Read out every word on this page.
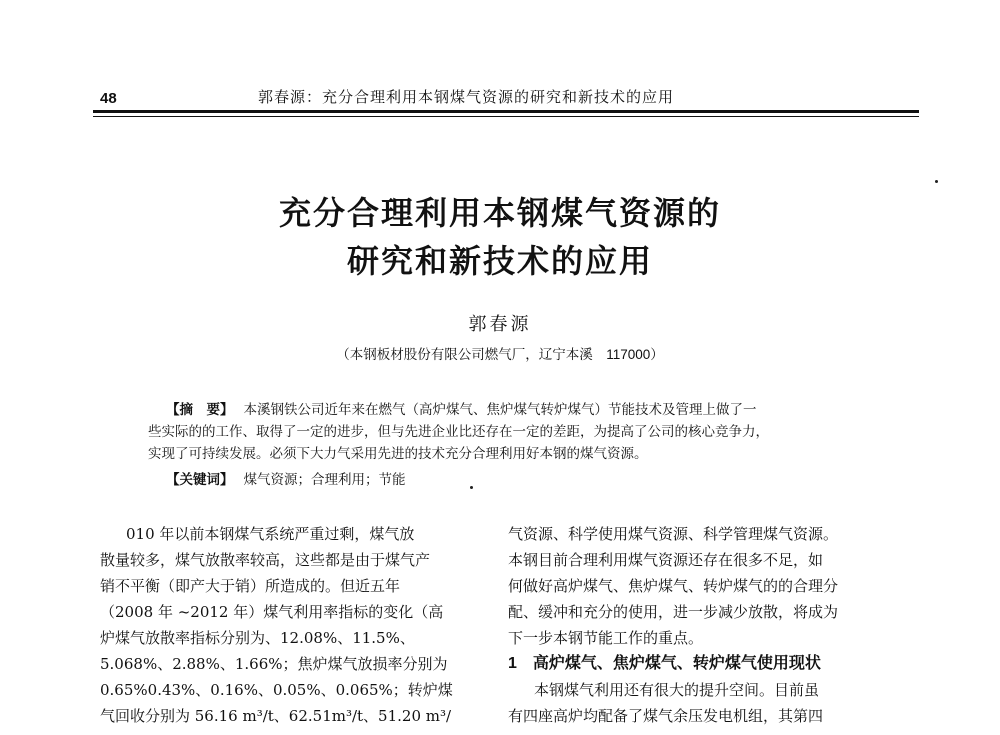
48	郭春源：充分合理利用本钢煤气资源的研究和新技术的应用
充分合理利用本钢煤气资源的
研究和新技术的应用
郭春源
（本钢板材股份有限公司燃气厂，辽宁本溪　117000）
【摘　要】 本溪钢铁公司近年来在燃气（高炉煤气、焦炉煤气转炉煤气）节能技术及管理上做了一
些实际的的工作、取得了一定的进步，但与先进企业比还存在一定的差距，为提高了公司的核心竞争力，
实现了可持续发展。必须下大力气采用先进的技术充分合理利用好本钢的煤气资源。
【关键词】 煤气资源；合理利用；节能
010 年以前本钢煤气系统严重过剩，煤气放
散量较多，煤气放散率较高，这些都是由于煤气产
销不平衡（即产大于销）所造成的。但近五年
（2008 年 ~2012 年）煤气利用率指标的变化（高
炉煤气放散率指标分别为、12.08%、11.5%、
5.068%、2.88%、1.66%；焦炉煤气放损率分别为
0.65%0.43%、0.16%、0.05%、0.065%；转炉煤
气回收分别为 56.16 m³/t、62.51m³/t、51.20 m³/
气资源、科学使用煤气资源、科学管理煤气资源。
本钢目前合理利用煤气资源还存在很多不足，如
何做好高炉煤气、焦炉煤气、转炉煤气的的合理分
配、缓冲和充分的使用，进一步减少放散，将成为
下一步本钢节能工作的重点。
1 高炉煤气、焦炉煤气、转炉煤气使用现状
本钢煤气利用还有很大的提升空间。目前虽
有四座高炉均配备了煤气余压发电机组，其第四
